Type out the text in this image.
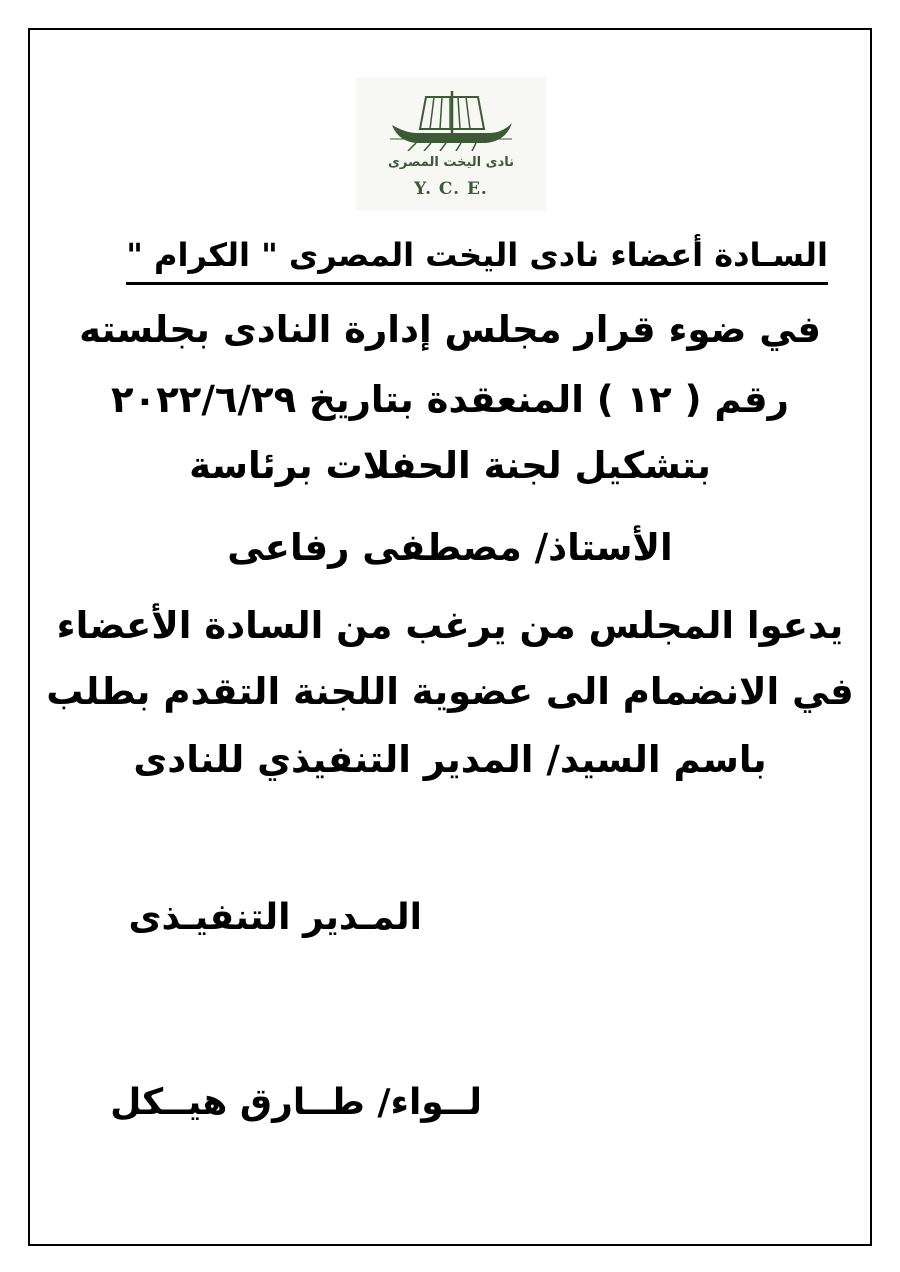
نادى اليخت المصرى
Y. C. E.
السـادة أعضاء نادى اليخت المصرى " الكرام "
في ضوء قرار مجلس إدارة النادى بجلسته
رقم ( ١٢ ) المنعقدة بتاريخ ٢٠٢٢/٦/٢٩
بتشكيل لجنة الحفلات برئاسة
الأستاذ/ مصطفى رفاعى
يدعوا المجلس من يرغب من السادة الأعضاء
في الانضمام الى عضوية اللجنة التقدم بطلب
باسم السيد/ المدير التنفيذي للنادى
المـدير التنفيـذى
لــواء/ طــارق هيــكل
